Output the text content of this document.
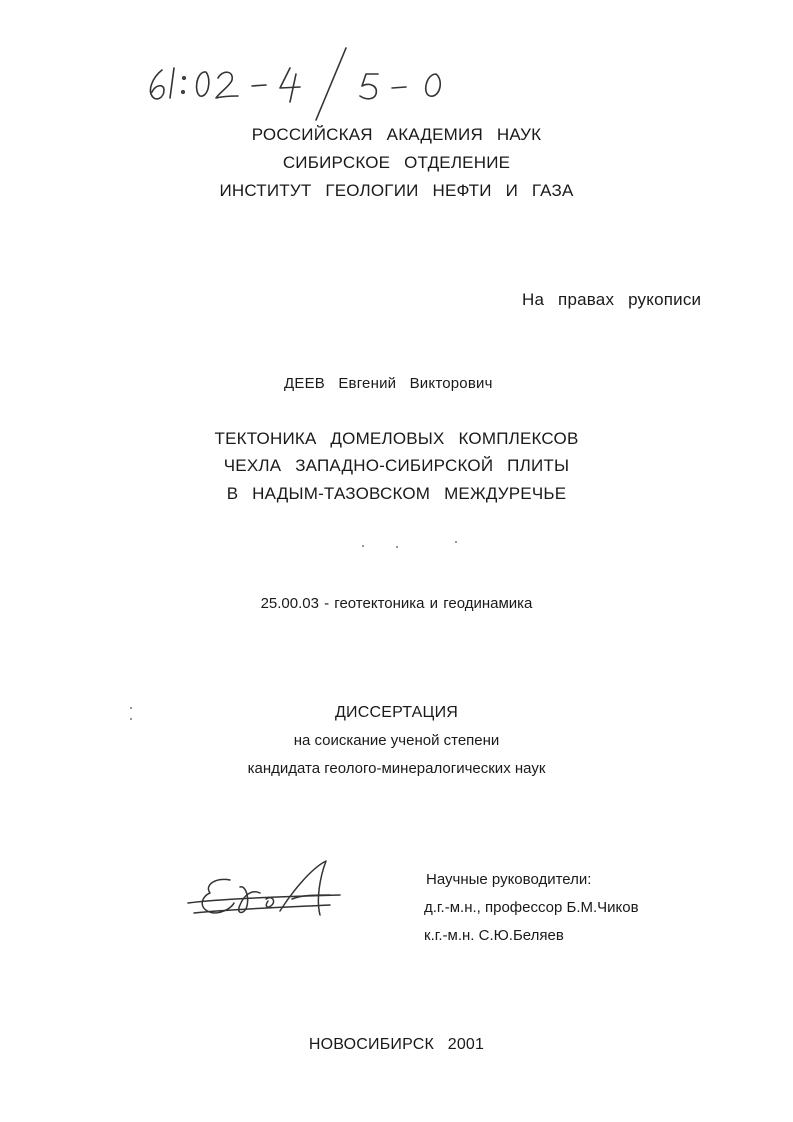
РОССИЙСКАЯ АКАДЕМИЯ НАУК
СИБИРСКОЕ ОТДЕЛЕНИЕ
ИНСТИТУТ ГЕОЛОГИИ НЕФТИ И ГАЗА
На правах рукописи
ДЕЕВ Евгений Викторович
ТЕКТОНИКА ДОМЕЛОВЫХ КОМПЛЕКСОВ
ЧЕХЛА ЗАПАДНО-СИБИРСКОЙ ПЛИТЫ
В НАДЫМ-ТАЗОВСКОМ МЕЖДУРЕЧЬЕ
25.00.03 - геотектоника и геодинамика
ДИССЕРТАЦИЯ
на соискание ученой степени
кандидата геолого-минералогических наук
Научные руководители:
д.г.-м.н., профессор Б.М.Чиков
к.г.-м.н. С.Ю.Беляев
НОВОСИБИРСК 2001
